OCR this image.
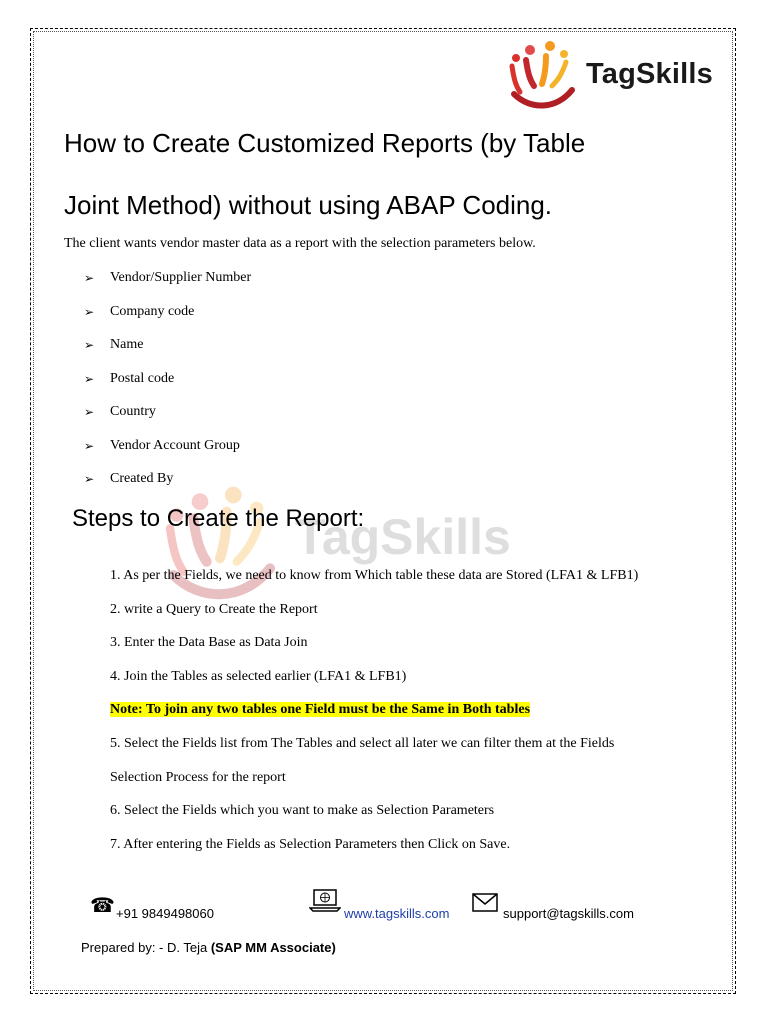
TagSkills
How to Create Customized Reports (by Table
Joint Method) without using ABAP Coding.
The client wants vendor master data as a report with the selection parameters below.
➢	Vendor/Supplier Number
➢	Company code
➢	Name
➢	Postal code
➢	Country
➢	Vendor Account Group
➢	Created By
TagSkills
Steps to Create the Report:
1. As per the Fields, we need to know from Which table these data are Stored (LFA1 & LFB1)
2. write a Query to Create the Report
3. Enter the Data Base as Data Join
4. Join the Tables as selected earlier (LFA1 & LFB1)
Note: To join any two tables one Field must be the Same in Both tables
5. Select the Fields list from The Tables and select all later we can filter them at the Fields
Selection Process for the report
6. Select the Fields which you want to make as Selection Parameters
7. After entering the Fields as Selection Parameters then Click on Save.
☎ +91 9849498060	www.tagskills.com	support@tagskills.com
Prepared by: - D. Teja (SAP MM Associate)
